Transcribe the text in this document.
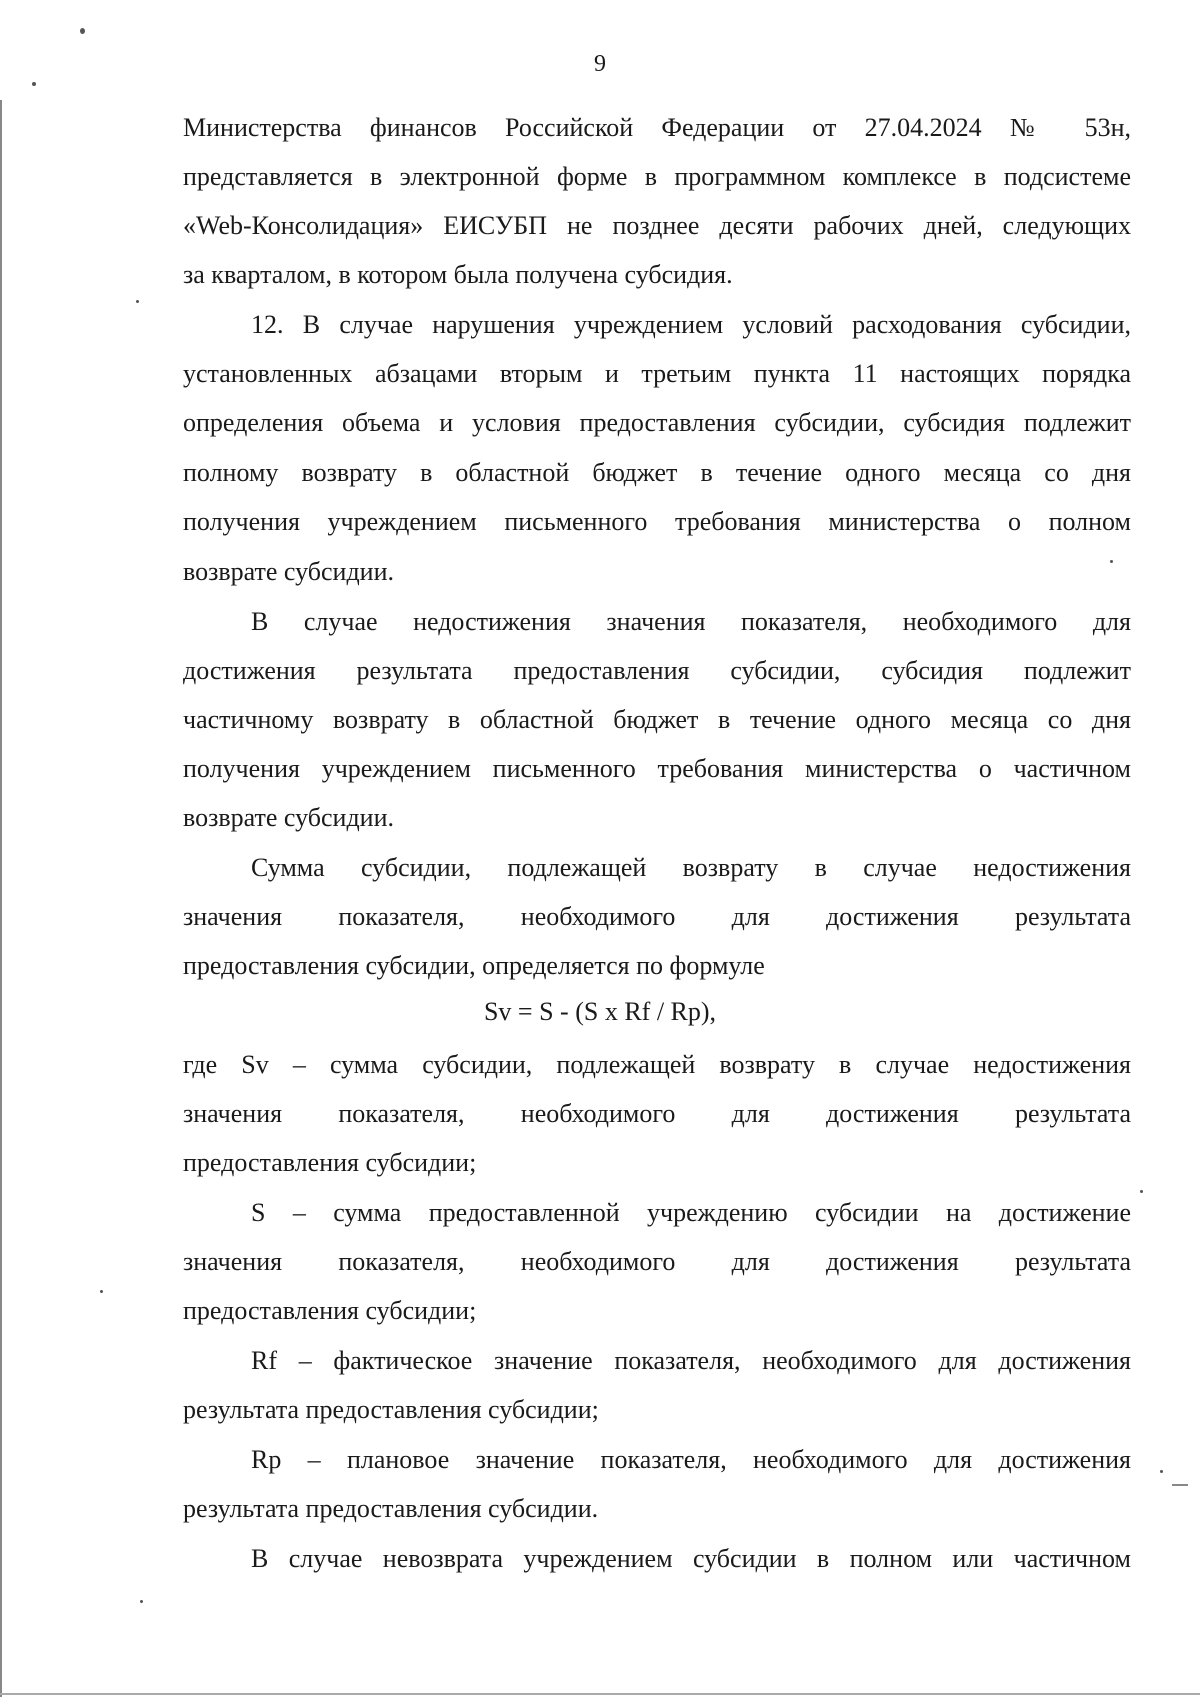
9
Министерства финансов Российской Федерации от 27.04.2024 № 53н,
представляется в электронной форме в программном комплексе в подсистеме
«Web-Консолидация» ЕИСУБП не позднее десяти рабочих дней, следующих
за кварталом, в котором была получена субсидия.
12. В случае нарушения учреждением условий расходования субсидии,
установленных абзацами вторым и третьим пункта 11 настоящих порядка
определения объема и условия предоставления субсидии, субсидия подлежит
полному возврату в областной бюджет в течение одного месяца со дня
получения учреждением письменного требования министерства о полном
возврате субсидии.
В случае недостижения значения показателя, необходимого для
достижения результата предоставления субсидии, субсидия подлежит
частичному возврату в областной бюджет в течение одного месяца со дня
получения учреждением письменного требования министерства о частичном
возврате субсидии.
Сумма субсидии, подлежащей возврату в случае недостижения
значения показателя, необходимого для достижения результата
предоставления субсидии, определяется по формуле
Sv = S - (S x Rf / Rp),
где Sv – сумма субсидии, подлежащей возврату в случае недостижения
значения показателя, необходимого для достижения результата
предоставления субсидии;
S – сумма предоставленной учреждению субсидии на достижение
значения показателя, необходимого для достижения результата
предоставления субсидии;
Rf – фактическое значение показателя, необходимого для достижения
результата предоставления субсидии;
Rp – плановое значение показателя, необходимого для достижения
результата предоставления субсидии.
В случае невозврата учреждением субсидии в полном или частичном
